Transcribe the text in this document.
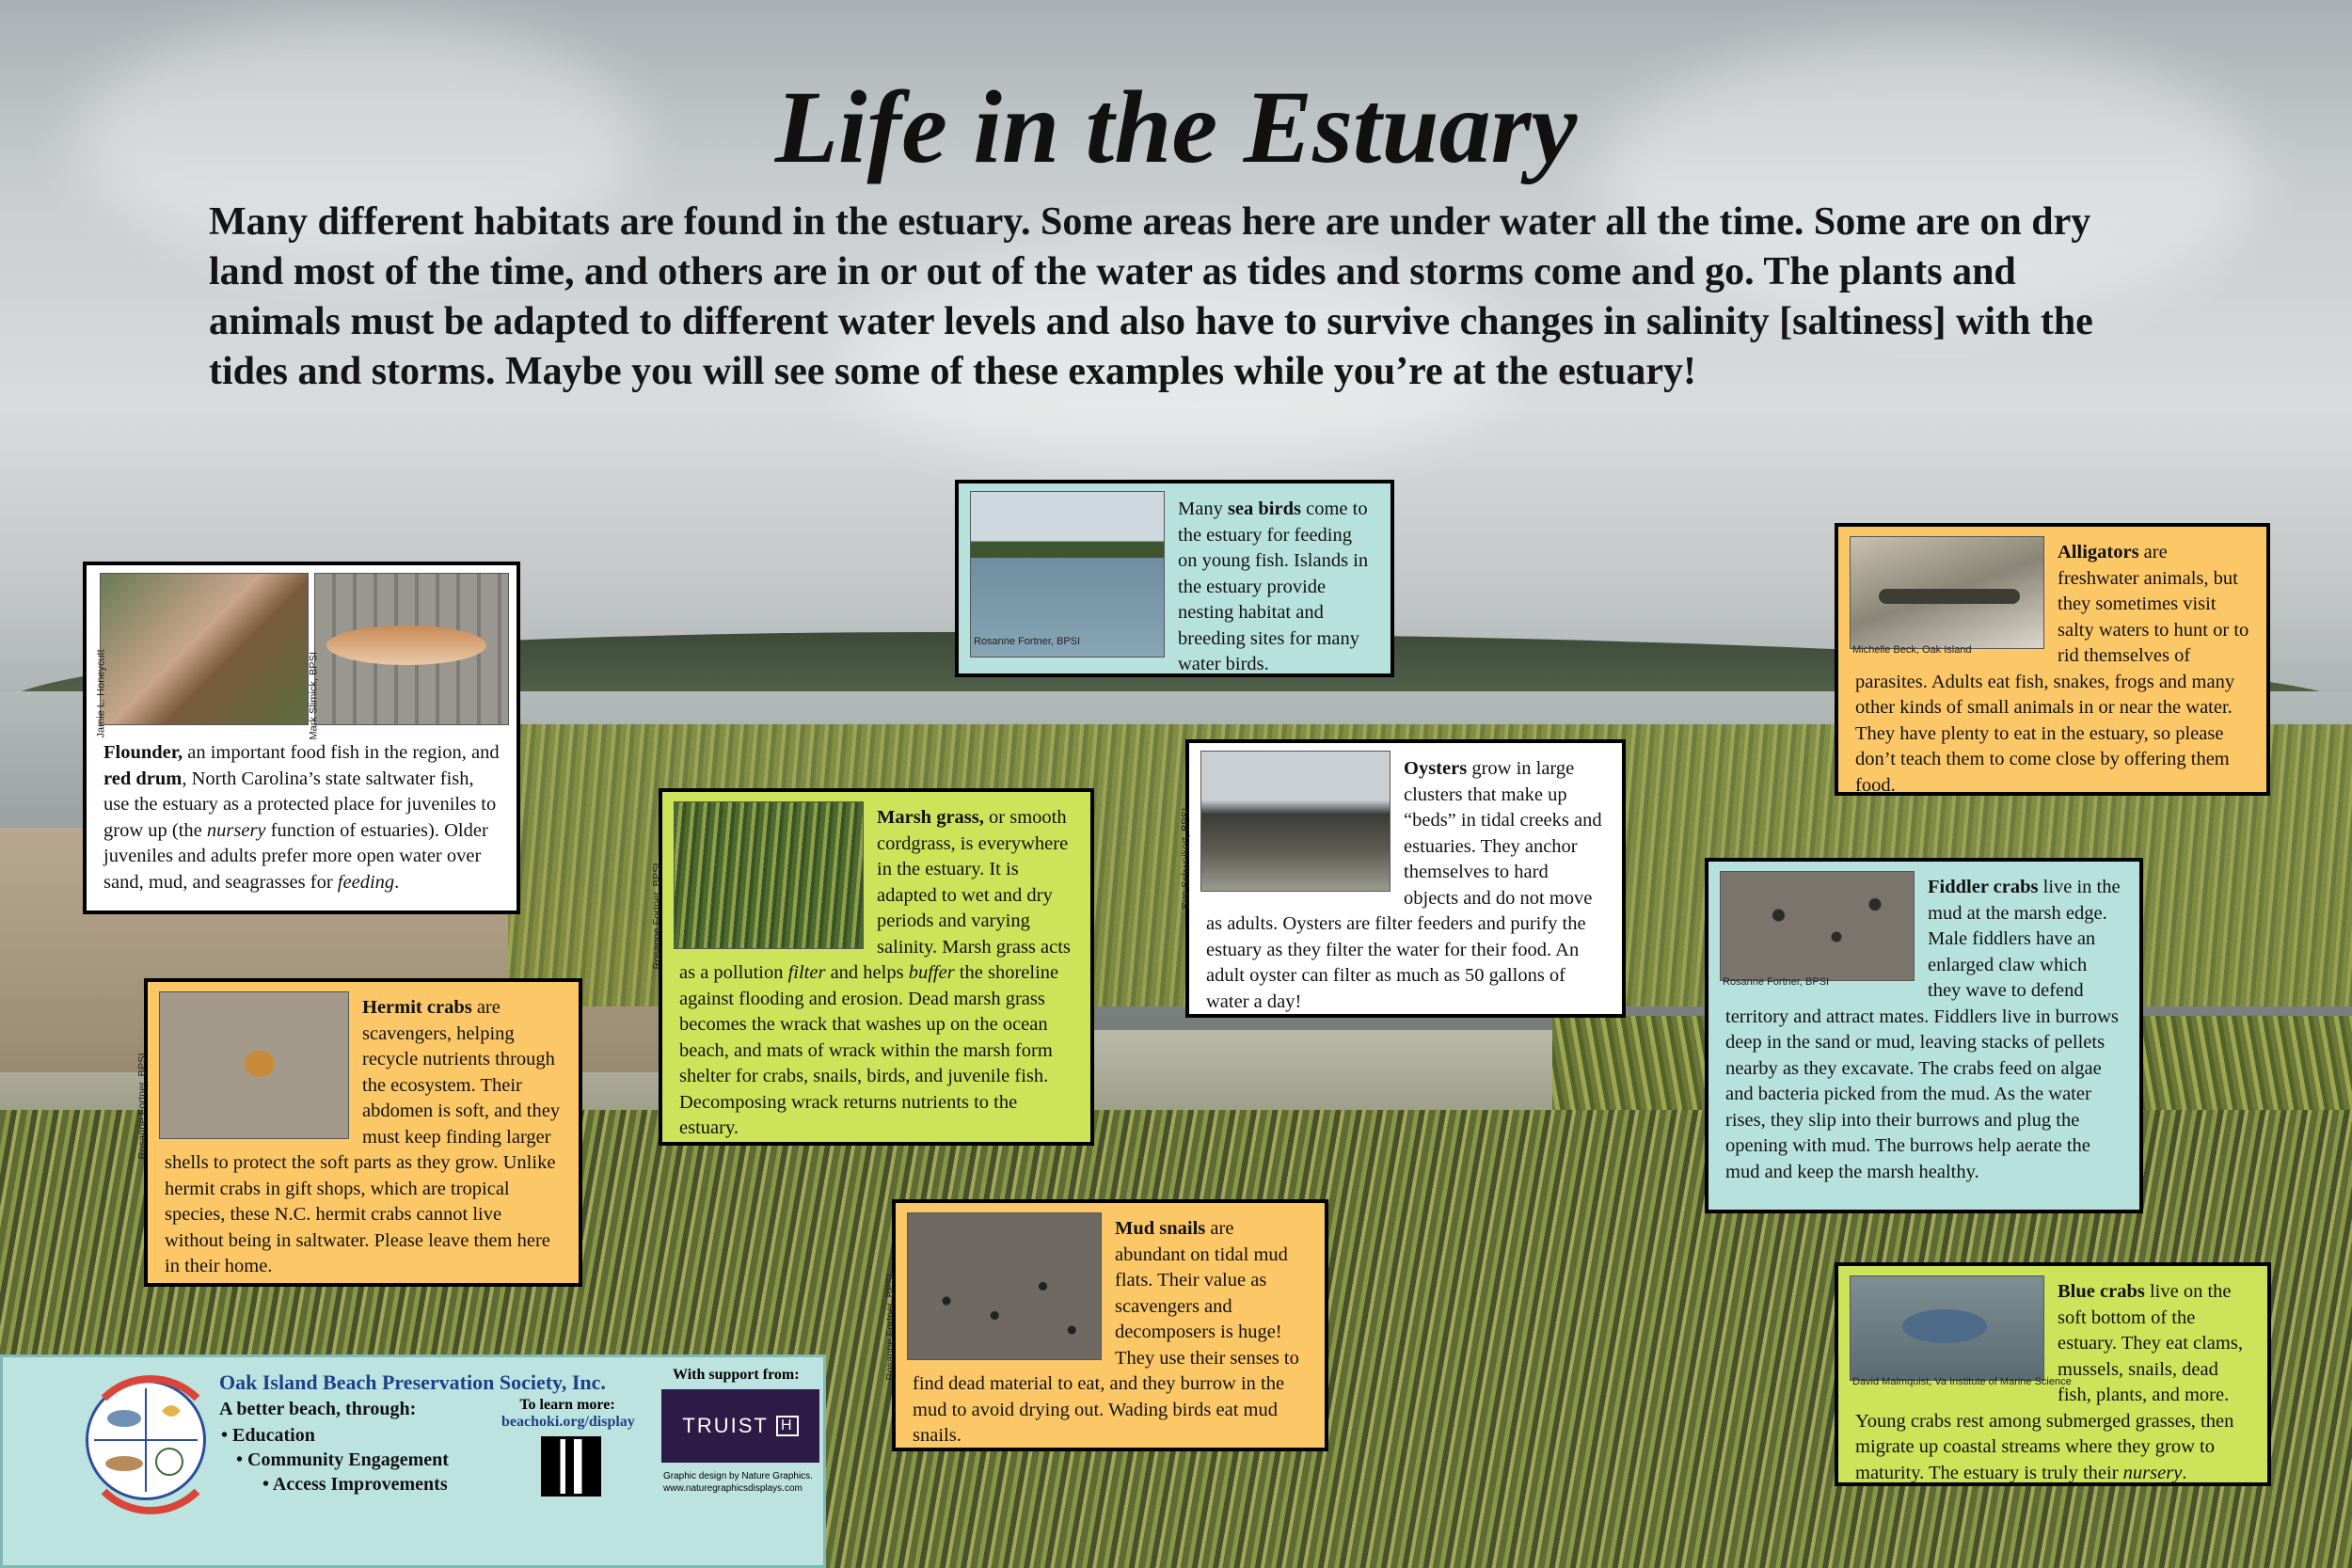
Life in the Estuary

Many different habitats are found in the estuary. Some areas here are under water all the time. Some are on dry land most of the time, and others are in or out of the water as tides and storms come and go. The plants and animals must be adapted to different water levels and also have to survive changes in salinity [saltiness] with the tides and storms. Maybe you will see some of these examples while you’re at the estuary!

Jamie L. Honeycutt	Mark Slimick, BPSI

Flounder, an important food fish in the region, and red drum, North Carolina’s state saltwater fish, use the estuary as a protected place for juveniles to grow up (the nursery function of estuaries). Older juveniles and adults prefer more open water over sand, mud, and seagrasses for feeding.

Rosanne Fortner, BPSI

Many sea birds come to the estuary for feeding on young fish. Islands in the estuary provide nesting habitat and breeding sites for many water birds.

Michelle Beck, Oak Island

Alligators are freshwater animals, but they sometimes visit salty waters to hunt or to rid themselves of parasites. Adults eat fish, snakes, frogs and many other kinds of small animals in or near the water. They have plenty to eat in the estuary, so please don’t teach them to come close by offering them food.

Sue Schweikert, BPSI

Oysters grow in large clusters that make up “beds” in tidal creeks and estuaries. They anchor themselves to hard objects and do not move as adults. Oysters are filter feeders and purify the estuary as they filter the water for their food. An adult oyster can filter as much as 50 gallons of water a day!

Rosanne Fortner, BPSI

Marsh grass, or smooth cordgrass, is everywhere in the estuary. It is adapted to wet and dry periods and varying salinity. Marsh grass acts as a pollution filter and helps buffer the shoreline against flooding and erosion. Dead marsh grass becomes the wrack that washes up on the ocean beach, and mats of wrack within the marsh form shelter for crabs, snails, birds, and juvenile fish. Decomposing wrack returns nutrients to the estuary.

Rosanne Fortner, BPSI

Fiddler crabs live in the mud at the marsh edge. Male fiddlers have an enlarged claw which they wave to defend territory and attract mates. Fiddlers live in burrows deep in the sand or mud, leaving stacks of pellets nearby as they excavate. The crabs feed on algae and bacteria picked from the mud. As the water rises, they slip into their burrows and plug the opening with mud. The burrows help aerate the mud and keep the marsh healthy.

Rosanne Fortner, BPSI

Hermit crabs are scavengers, helping recycle nutrients through the ecosystem. Their abdomen is soft, and they must keep finding larger shells to protect the soft parts as they grow. Unlike hermit crabs in gift shops, which are tropical species, these N.C. hermit crabs cannot live without being in saltwater. Please leave them here in their home.

Rosanne Fortner, BPSI

Mud snails are abundant on tidal mud flats. Their value as scavengers and decomposers is huge! They use their senses to find dead material to eat, and they burrow in the mud to avoid drying out. Wading birds eat mud snails.

David Malmquist, Va Institute of Marine Science

Blue crabs live on the soft bottom of the estuary. They eat clams, mussels, snails, dead fish, plants, and more. Young crabs rest among submerged grasses, then migrate up coastal streams where they grow to maturity. The estuary is truly their nursery.

Oak Island Beach Preservation Society, Inc.
A better beach, through:
• Education
• Community Engagement
• Access Improvements
To learn more:
beachoki.org/display
With support from:
TRUIST
H
Graphic design by Nature Graphics.
www.naturegraphicsdisplays.com
